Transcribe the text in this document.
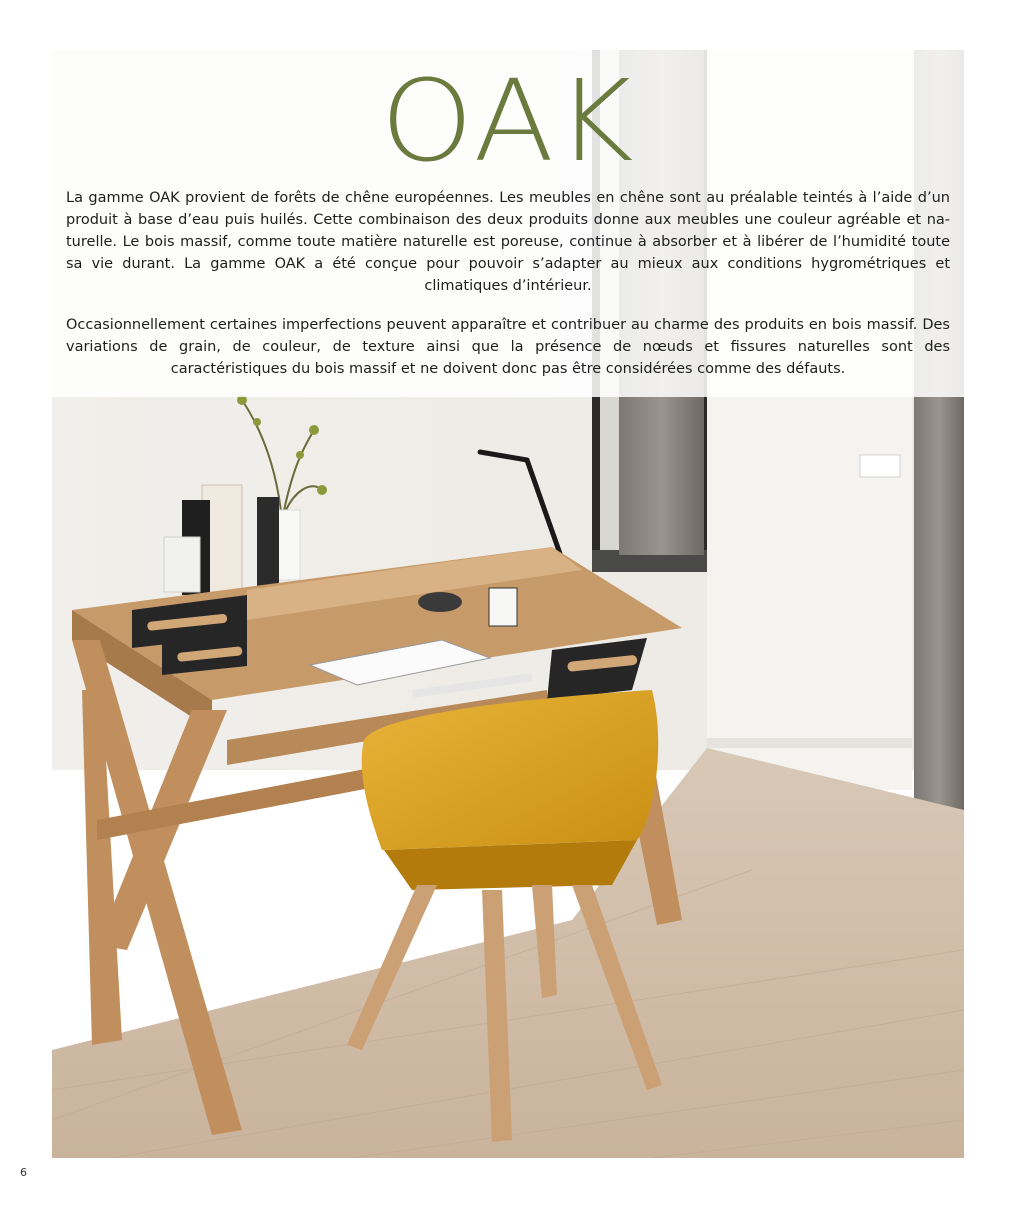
OAK
La gamme OAK provient de forêts de chêne européennes. Les meubles en chêne sont au préalable teintés à l’aide d’un produit à base d’eau puis huilés. Cette combinaison des deux produits donne aux meubles une couleur agréable et na-turelle. Le bois massif, comme toute matière naturelle est poreuse, continue à absorber et à libérer de l’humidité toute sa vie durant. La gamme OAK a été conçue pour pouvoir s’adapter au mieux aux conditions hygrométriques et climatiques d’intérieur.
Occasionnellement certaines imperfections peuvent apparaître et contribuer au charme des produits en bois massif. Des variations de grain, de couleur, de texture ainsi que la présence de nœuds et fissures naturelles sont des caractéristiques du bois massif et ne doivent donc pas être considérées comme des défauts.
6
